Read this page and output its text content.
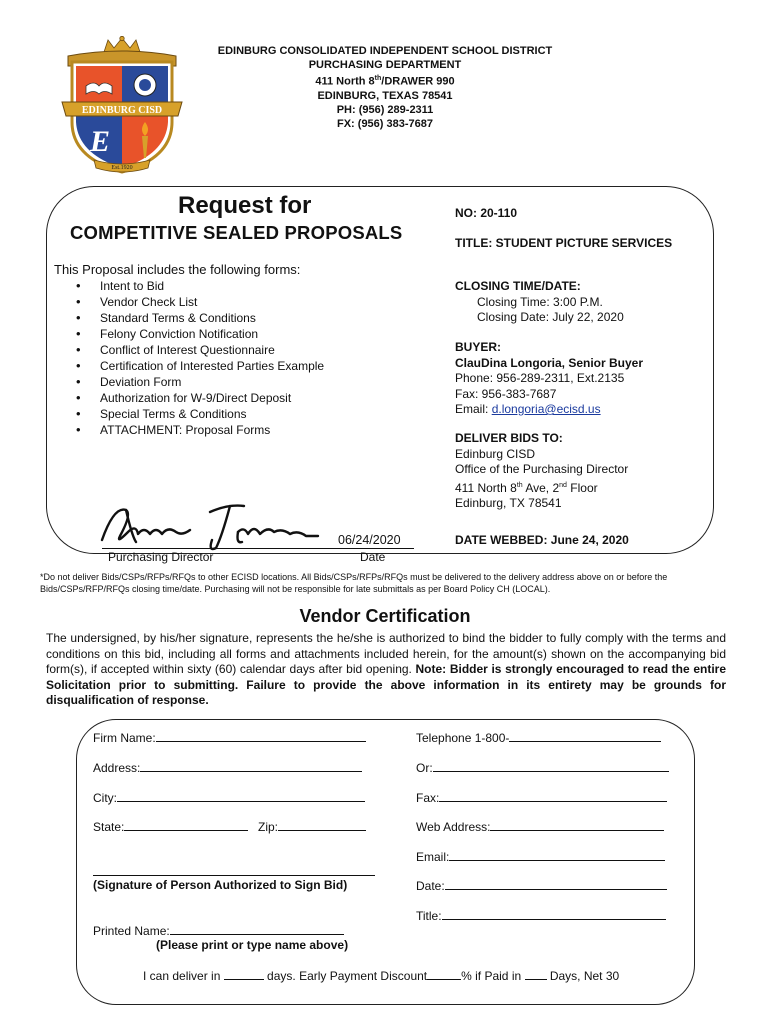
EDINBURG CISD
E
Est.1920
EDINBURG CONSOLIDATED INDEPENDENT SCHOOL DISTRICT
PURCHASING DEPARTMENT
411 North 8th/DRAWER 990
EDINBURG, TEXAS 78541
PH: (956) 289-2311
FX: (956) 383-7687
Request for
COMPETITIVE SEALED PROPOSALS
This Proposal includes the following forms:
• Intent to Bid
• Vendor Check List
• Standard Terms & Conditions
• Felony Conviction Notification
• Conflict of Interest Questionnaire
• Certification of Interested Parties Example
• Deviation Form
• Authorization for W-9/Direct Deposit
• Special Terms & Conditions
• ATTACHMENT: Proposal Forms
NO: 20-110
TITLE: STUDENT PICTURE SERVICES
CLOSING TIME/DATE:
Closing Time: 3:00 P.M.
Closing Date: July 22, 2020
BUYER:
ClauDina Longoria, Senior Buyer
Phone: 956-289-2311, Ext.2135
Fax: 956-383-7687
Email: d.longoria@ecisd.us
DELIVER BIDS TO:
Edinburg CISD
Office of the Purchasing Director
411 North 8th Ave, 2nd Floor
Edinburg, TX 78541
DATE WEBBED: June 24, 2020
06/24/2020
Purchasing Director	Date
*Do not deliver Bids/CSPs/RFPs/RFQs to other ECISD locations. All Bids/CSPs/RFPs/RFQs must be delivered to the delivery address above on or before the Bids/CSPs/RFP/RFQs closing time/date. Purchasing will not be responsible for late submittals as per Board Policy CH (LOCAL).
Vendor Certification
The undersigned, by his/her signature, represents the he/she is authorized to bind the bidder to fully comply with the terms and conditions on this bid, including all forms and attachments included herein, for the amount(s) shown on the accompanying bid form(s), if accepted within sixty (60) calendar days after bid opening. Note: Bidder is strongly encouraged to read the entire Solicitation prior to submitting. Failure to provide the above information in its entirety may be grounds for disqualification of response.
Firm Name:	Telephone 1-800-
Address:	Or:
City:	Fax:
State:	Zip:	Web Address:
Email:
(Signature of Person Authorized to Sign Bid)	Date:
Title:
Printed Name:
(Please print or type name above)
I can deliver in	days. Early Payment Discount	% if Paid in  Days, Net 30
